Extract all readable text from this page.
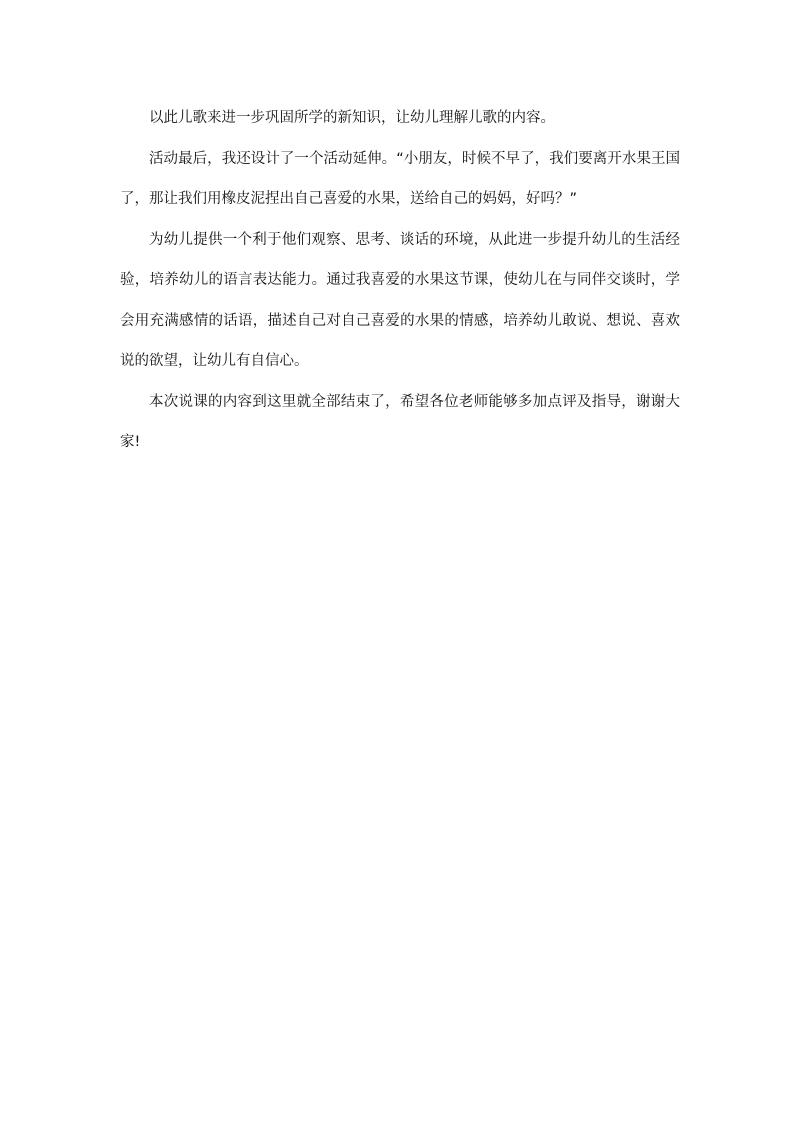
以此儿歌来进一步巩固所学的新知识，让幼儿理解儿歌的内容。

活动最后，我还设计了一个活动延伸。“小朋友，时候不早了，我们要离开水果王国了，那让我们用橡皮泥捏出自己喜爱的水果，送给自己的妈妈，好吗？”

为幼儿提供一个利于他们观察、思考、谈话的环境，从此进一步提升幼儿的生活经验，培养幼儿的语言表达能力。通过我喜爱的水果这节课，使幼儿在与同伴交谈时，学会用充满感情的话语，描述自己对自己喜爱的水果的情感，培养幼儿敢说、想说、喜欢说的欲望，让幼儿有自信心。

本次说课的内容到这里就全部结束了，希望各位老师能够多加点评及指导，谢谢大家!
